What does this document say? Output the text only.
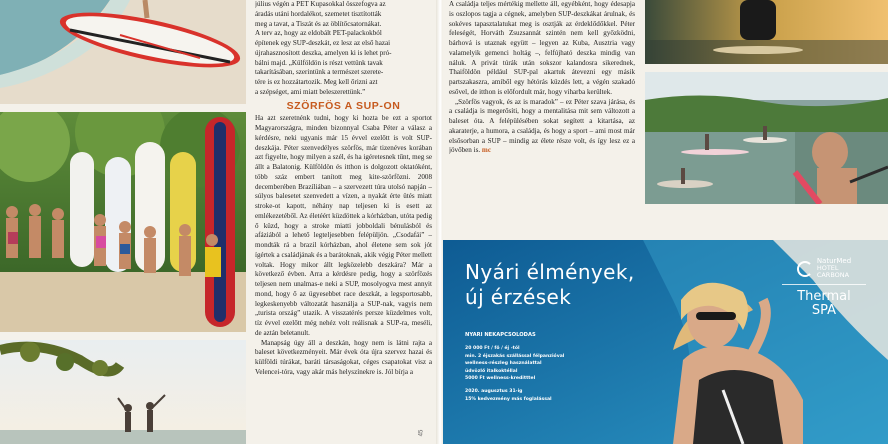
július végén a PET Kupasokkal összefogva az

áradás utáni hordalékot, szemetet tisztították

meg a tavat, a Tiszát és az öblítőcsatornákat.

A terv az, hogy az eldobált PET-palackokból

építenek egy SUP-deszkát, ez lesz az első hazai

újrahasznosított deszka, amelyen ki is lehet pró-

bálni majd. „Külföldön is részt vettünk tavak

takarításában, szerintünk a természet szerete-

tére is ez hozzátartozik. Meg kell őrizni azt

a szépséget, ami miatt beleszerettünk.”

SZÖRFÖS A SUP-ON

Ha azt szeretnénk tudni, hogy ki hozta be ezt a sportot Magyarországra, minden bizonnyal Csaba Péter a válasz a kérdésre, neki ugyanis már 15 évvel ezelőtt is volt SUP-deszkája. Péter szenvedélyes szörfös, már tizenéves korában azt figyelte, hogy milyen a szél, és ha igéretesnek tűnt, meg se állt a Balatonig. Külföldön és itthon is dolgozott oktatóként, több száz embert tanított meg kite-szörfözni. 2008 decemberében Brazíliában – a szervezett túra utolsó napján – súlyos balesetet szenvedett a vízen, a nyakát érte ütés miatt stroke-ot kapott, néhány nap teljesen ki is esett az emlékezetéből. Az életéért küzdöttek a kórházban, utóta pedig ő küzd, hogy a stroke miatti jobboldali bénulásból és afáziából a lehető legteljesebben felépüljön. „Csodafái” – mondták rá a brazil kórházban, ahol életene sem sok jót ígértek a családjának és a barátoknak, akik végig Péter mellett voltak. Hogy mikor állt legközelebb deszkára? Már a következő évben. Arra a kérdésre pedig, hogy a szörfözés teljesen nem unalmas-e neki a SUP, mosolyogva mest annyit mond, hogy ő az ügyesebbet race deszkát, a legsportosabb, legkeskenyebb változatát használja a SUP-nak, vagyis nem „turista ország” utazik. A visszatérés persze küzdelmes volt, tíz évvel ezelőtt még nehéz volt reálisnak a SUP-ra, meséli, de aztán beletanult.

Manapság úgy áll a deszkán, hogy nem is látni rajta a baleset következményeit. Már évek óta újra szervez hazai és külföldi túrákat, baráti társaságokat, céges csapatokat visz a Velencei-tóra, vagy akár más helyszínekre is. Jól bírja a

45

A családja teljes mértékig mellette áll, egyébként, hogy édesapja is oszlopos tagja a cégnek, amelyben SUP-deszkákat árulnak, és sokéves tapasztalatukat meg is osztják az érdeklődőkkel. Péter feleségét, Horváth Zsuzsannát szintén nem kell győzködni, bárhová is utaznak együtt – legyen az Kuba, Ausztria vagy valamelyik gemenci holtág –, felfújható deszka mindig van náluk. A privát túrák után sokszor kalandosra sikerednek, Thaiföldön például SUP-pal akartuk átevezni egy másik partszakaszra, amiből egy hétórás küzdés lett, a végén szakadó esővel, de itthon is előfordult már, hogy viharba kerültek.

„Szörfös vagyok, és az is maradok” – ez Péter szava járása, és a családja is megerősíti, hogy a mentalitása mit sem változott a baleset óta. A felépülésében sokat segített a kitartása, az akaraterje, a humora, a családja, és hogy a sport – ami most már elsősorban a SUP – mindig az élete része volt, és így lesz ez a jövőben is. mc

Nyári élmények,
új érzések
NYÁRI NEKAPCSOLÓDÁS
20 000 Ft / fő / éj -tól
min. 2 éjszakás szállással félpanzióval
wellness-részleg használattal
üdvözlő italkoktéllal
5000 Ft wellness-kreditttel
2020. augusztus 31-ig
15% kedvezmény más foglalással
NaturMed
HOTEL
CARBONA
Thermal
SPA
